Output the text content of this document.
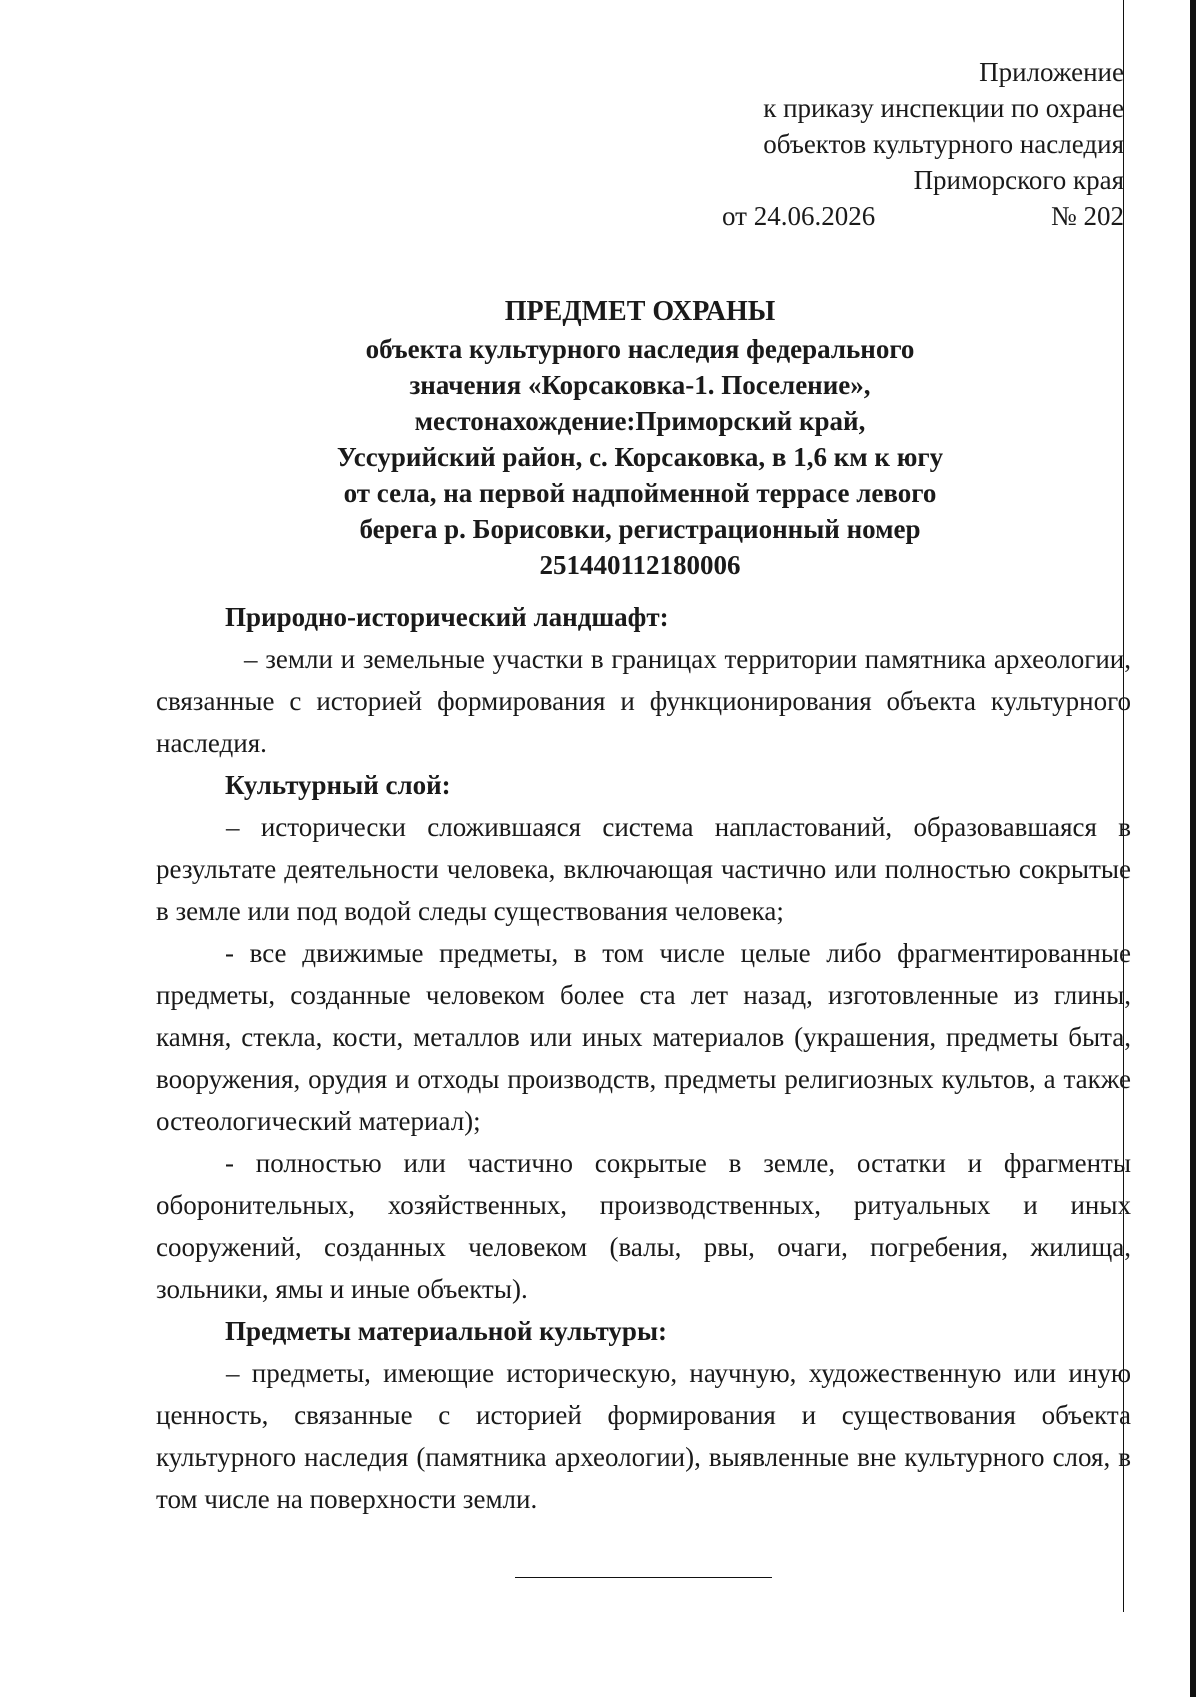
Приложение
к приказу инспекции по охране
объектов культурного наследия
Приморского края
от 24.06.2026	№ 202
ПРЕДМЕТ ОХРАНЫ
объекта культурного наследия федерального
значения «Корсаковка-1. Поселение»,
местонахождение:Приморский край,
Уссурийский район, с. Корсаковка, в 1,6 км к югу
от села, на первой надпойменной террасе левого
берега р. Борисовки, регистрационный номер
251440112180006

Природно-исторический ландшафт:

– земли и земельные участки в границах территории памятника археологии, связанные с историей формирования и функционирования объекта культурного наследия.

Культурный слой:

– исторически сложившаяся система напластований, образовавшаяся в результате деятельности человека, включающая частично или полностью сокрытые в земле или под водой следы существования человека;

- все движимые предметы, в том числе целые либо фрагментированные предметы, созданные человеком более ста лет назад, изготовленные из глины, камня, стекла, кости, металлов или иных материалов (украшения, предметы быта, вооружения, орудия и отходы производств, предметы религиозных культов, а также остеологический материал);

- полностью или частично сокрытые в земле, остатки и фрагменты оборонительных, хозяйственных, производственных, ритуальных и иных сооружений, созданных человеком (валы, рвы, очаги, погребения, жилища, зольники, ямы и иные объекты).

Предметы материальной культуры:

– предметы, имеющие историческую, научную, художественную или иную ценность, связанные с историей формирования и существования объекта культурного наследия (памятника археологии), выявленные вне культурного слоя, в том числе на поверхности земли.
